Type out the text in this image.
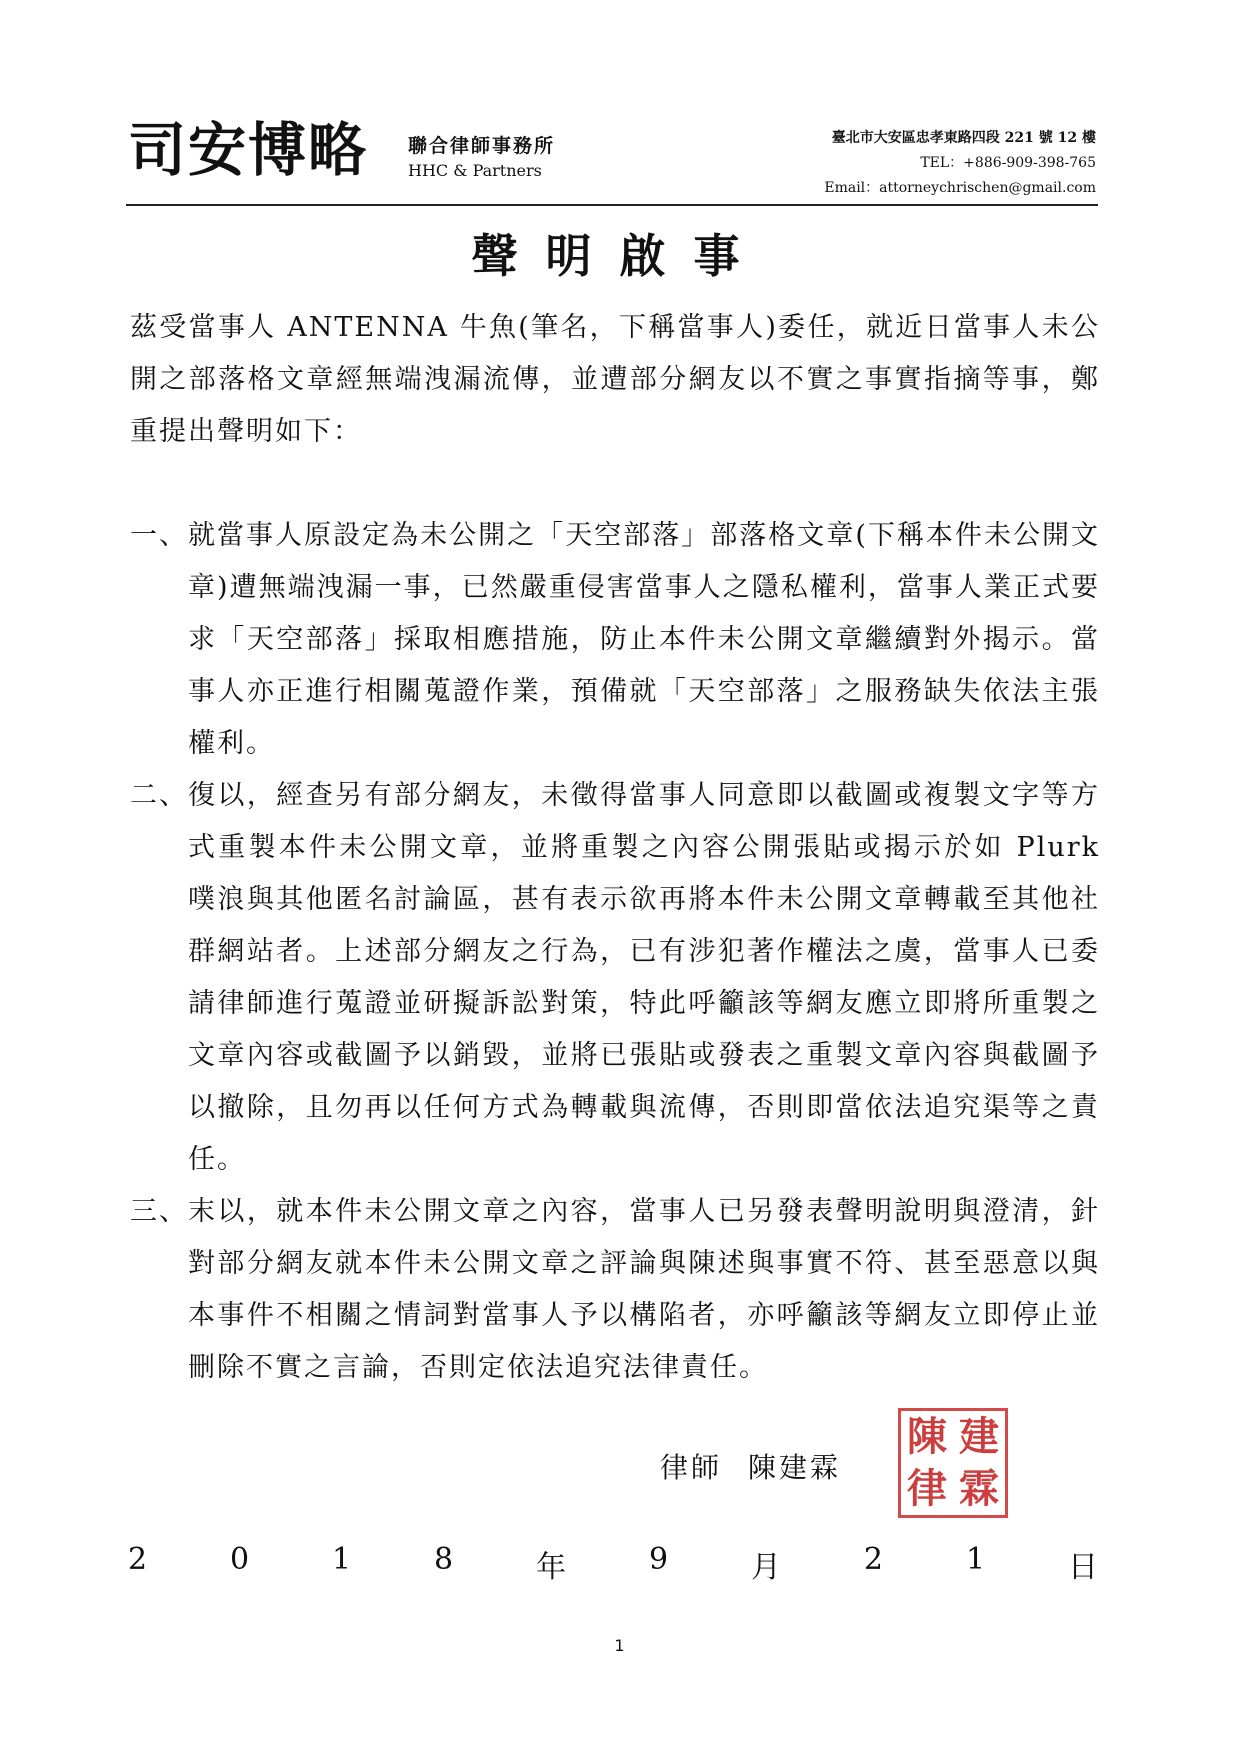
司安博略 聯合律師事務所
HHC & Partners
臺北市大安區忠孝東路四段 221 號 12 樓
TEL：+886-909-398-765
Email：attorneychrischen@gmail.com
聲明啟事

茲受當事人 ANTENNA 牛魚(筆名，下稱當事人)委任，就近日當事人未公開之部落格文章經無端洩漏流傳，並遭部分網友以不實之事實指摘等事，鄭重提出聲明如下：

一、 就當事人原設定為未公開之「天空部落」部落格文章(下稱本件未公開文章)遭無端洩漏一事，已然嚴重侵害當事人之隱私權利，當事人業正式要求「天空部落」採取相應措施，防止本件未公開文章繼續對外揭示。當事人亦正進行相關蒐證作業，預備就「天空部落」之服務缺失依法主張權利。
二、 復以，經查另有部分網友，未徵得當事人同意即以截圖或複製文字等方式重製本件未公開文章，並將重製之內容公開張貼或揭示於如 Plurk 噗浪與其他匿名討論區，甚有表示欲再將本件未公開文章轉載至其他社群網站者。上述部分網友之行為，已有涉犯著作權法之虞，當事人已委請律師進行蒐證並研擬訴訟對策，特此呼籲該等網友應立即將所重製之文章內容或截圖予以銷毀，並將已張貼或發表之重製文章內容與截圖予以撤除，且勿再以任何方式為轉載與流傳，否則即當依法追究渠等之責任。
三、 末以，就本件未公開文章之內容，當事人已另發表聲明說明與澄清，針對部分網友就本件未公開文章之評論與陳述與事實不符、甚至惡意以與本事件不相關之情詞對當事人予以構陷者，亦呼籲該等網友立即停止並刪除不實之言論，否則定依法追究法律責任。
律師 陳建霖
陳 建
律 霖
2	0	1	8	年	9	月	2	1	日
1
